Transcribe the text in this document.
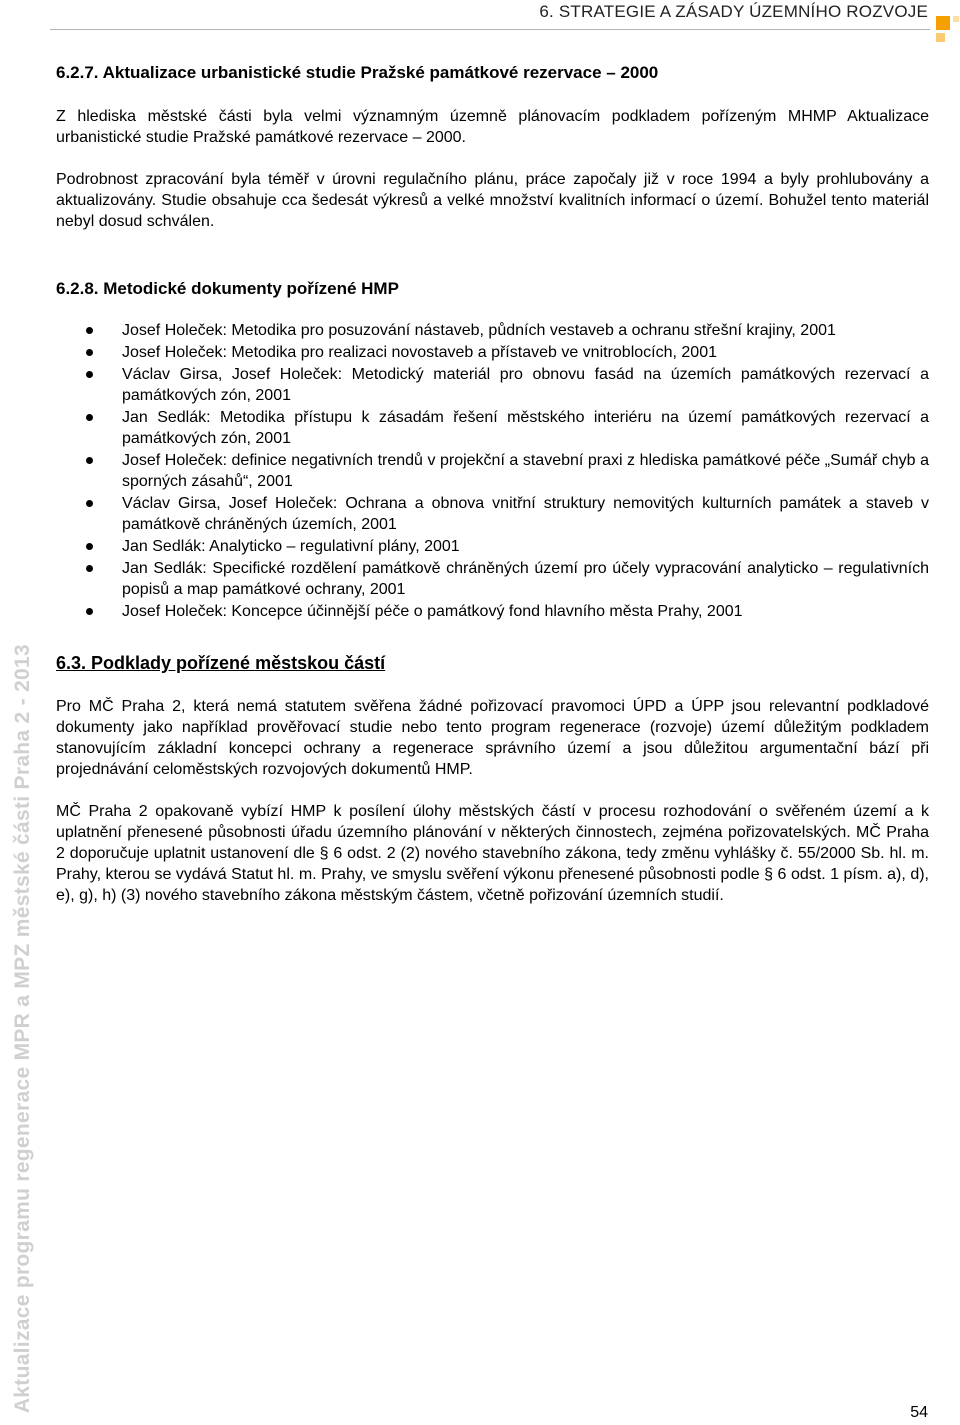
6. STRATEGIE A ZÁSADY ÚZEMNÍHO ROZVOJE
Aktualizace programu regenerace MPR a MPZ městské části Praha 2 - 2013
6.2.7. Aktualizace urbanistické studie Pražské památkové rezervace – 2000

Z hlediska městské části byla velmi významným územně plánovacím podkladem pořízeným MHMP Aktualizace urbanistické studie Pražské památkové rezervace – 2000.

Podrobnost zpracování byla téměř v úrovni regulačního plánu, práce započaly již v roce 1994 a byly prohlubovány a aktualizovány. Studie obsahuje cca šedesát výkresů a velké množství kvalitních informací o území. Bohužel tento materiál nebyl dosud schválen.

6.2.8. Metodické dokumenty pořízené HMP
Josef Holeček: Metodika pro posuzování nástaveb, půdních vestaveb a ochranu střešní krajiny, 2001
Josef Holeček: Metodika pro realizaci novostaveb a přístaveb ve vnitroblocích, 2001
Václav Girsa, Josef Holeček: Metodický materiál pro obnovu fasád na územích památkových rezervací a památkových zón, 2001
Jan Sedlák: Metodika přístupu k zásadám řešení městského interiéru na území památkových rezervací a památkových zón, 2001
Josef Holeček: definice negativních trendů v projekční a stavební praxi z hlediska památkové péče „Sumář chyb a sporných zásahů“, 2001
Václav Girsa, Josef Holeček: Ochrana a obnova vnitřní struktury nemovitých kulturních památek a staveb v památkově chráněných územích, 2001
Jan Sedlák: Analyticko – regulativní plány, 2001
Jan Sedlák: Specifické rozdělení památkově chráněných území pro účely vypracování analyticko – regulativních popisů a map památkové ochrany, 2001
Josef Holeček: Koncepce účinnější péče o památkový fond hlavního města Prahy, 2001
6.3. Podklady pořízené městskou částí

Pro MČ Praha 2, která nemá statutem svěřena žádné pořizovací pravomoci ÚPD a ÚPP jsou relevantní podkladové dokumenty jako například prověřovací studie nebo tento program regenerace (rozvoje) území důležitým podkladem stanovujícím základní koncepci ochrany a regenerace správního území a jsou důležitou argumentační bází při projednávání celoměstských rozvojových dokumentů HMP.

MČ Praha 2 opakovaně vybízí HMP k posílení úlohy městských částí v procesu rozhodování o svěřeném území a k uplatnění přenesené působnosti úřadu územního plánování v některých činnostech, zejména pořizovatelských. MČ Praha 2 doporučuje uplatnit ustanovení dle § 6 odst. 2 (2) nového stavebního zákona, tedy změnu vyhlášky č. 55/2000 Sb. hl. m. Prahy, kterou se vydává Statut hl. m. Prahy, ve smyslu svěření výkonu přenesené působnosti podle § 6 odst. 1 písm. a), d), e), g), h) (3) nového stavebního zákona městským částem, včetně pořizování územních studií.

54
